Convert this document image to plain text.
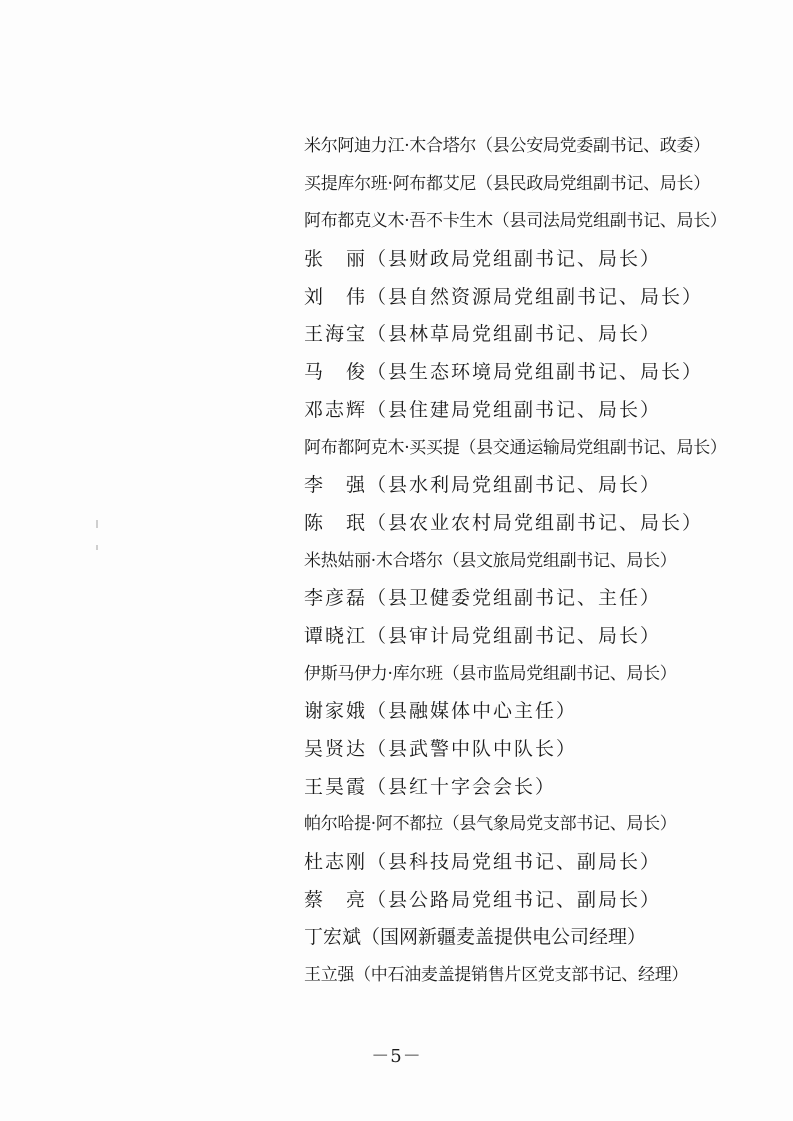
米尔阿迪力江·木合塔尔（县公安局党委副书记、政委）
买提库尔班·阿布都艾尼（县民政局党组副书记、局长）
阿布都克义木·吾不卡生木（县司法局党组副书记、局长）
张　丽（县财政局党组副书记、局长）
刘　伟（县自然资源局党组副书记、局长）
王海宝（县林草局党组副书记、局长）
马　俊（县生态环境局党组副书记、局长）
邓志辉（县住建局党组副书记、局长）
阿布都阿克木·买买提（县交通运输局党组副书记、局长）
李　强（县水利局党组副书记、局长）
陈　珉（县农业农村局党组副书记、局长）
米热姑丽·木合塔尔（县文旅局党组副书记、局长）
李彦磊（县卫健委党组副书记、主任）
谭晓江（县审计局党组副书记、局长）
伊斯马伊力·库尔班（县市监局党组副书记、局长）
谢家娥（县融媒体中心主任）
吴贤达（县武警中队中队长）
王昊霞（县红十字会会长）
帕尔哈提·阿不都拉（县气象局党支部书记、局长）
杜志刚（县科技局党组书记、副局长）
蔡　亮（县公路局党组书记、副局长）
丁宏斌（国网新疆麦盖提供电公司经理）
王立强（中石油麦盖提销售片区党支部书记、经理）
－5－
